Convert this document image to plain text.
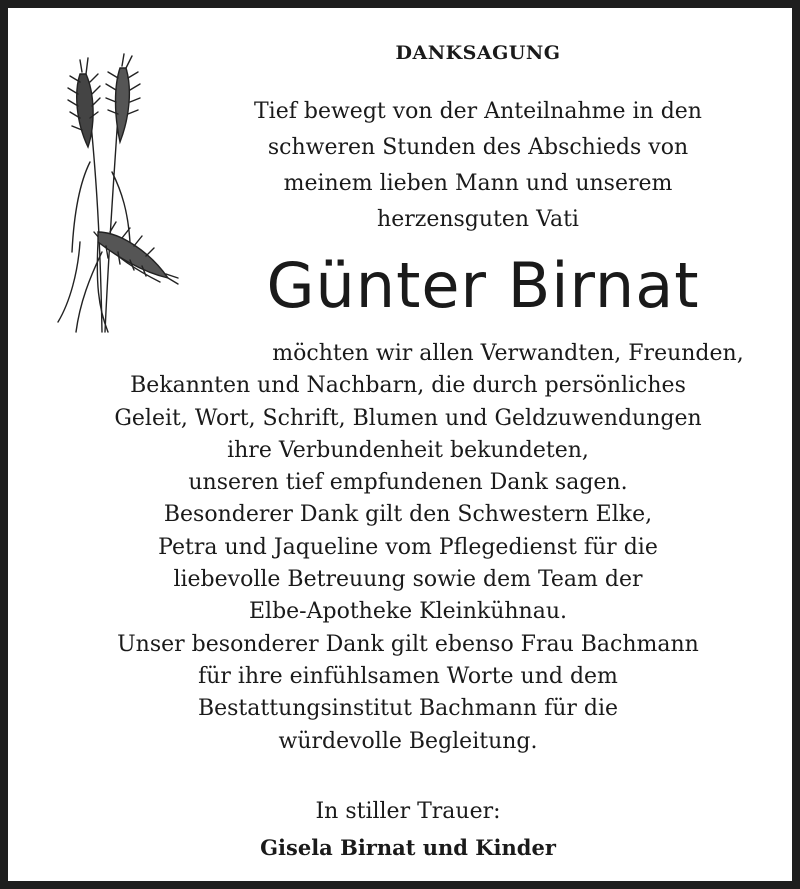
DANKSAGUNG
Tief bewegt von der Anteilnahme in den
schweren Stunden des Abschieds von
meinem lieben Mann und unserem
herzensguten Vati
Günter Birnat
möchten wir allen Verwandten, Freunden,
Bekannten und Nachbarn, die durch persönliches
Geleit, Wort, Schrift, Blumen und Geldzuwendungen
ihre Verbundenheit bekundeten,
unseren tief empfundenen Dank sagen.
Besonderer Dank gilt den Schwestern Elke,
Petra und Jaqueline vom Pflegedienst für die
liebevolle Betreuung sowie dem Team der
Elbe-Apotheke Kleinkühnau.
Unser besonderer Dank gilt ebenso Frau Bachmann
für ihre einfühlsamen Worte und dem
Bestattungsinstitut Bachmann für die
würdevolle Begleitung.
In stiller Trauer:
Gisela Birnat und Kinder
